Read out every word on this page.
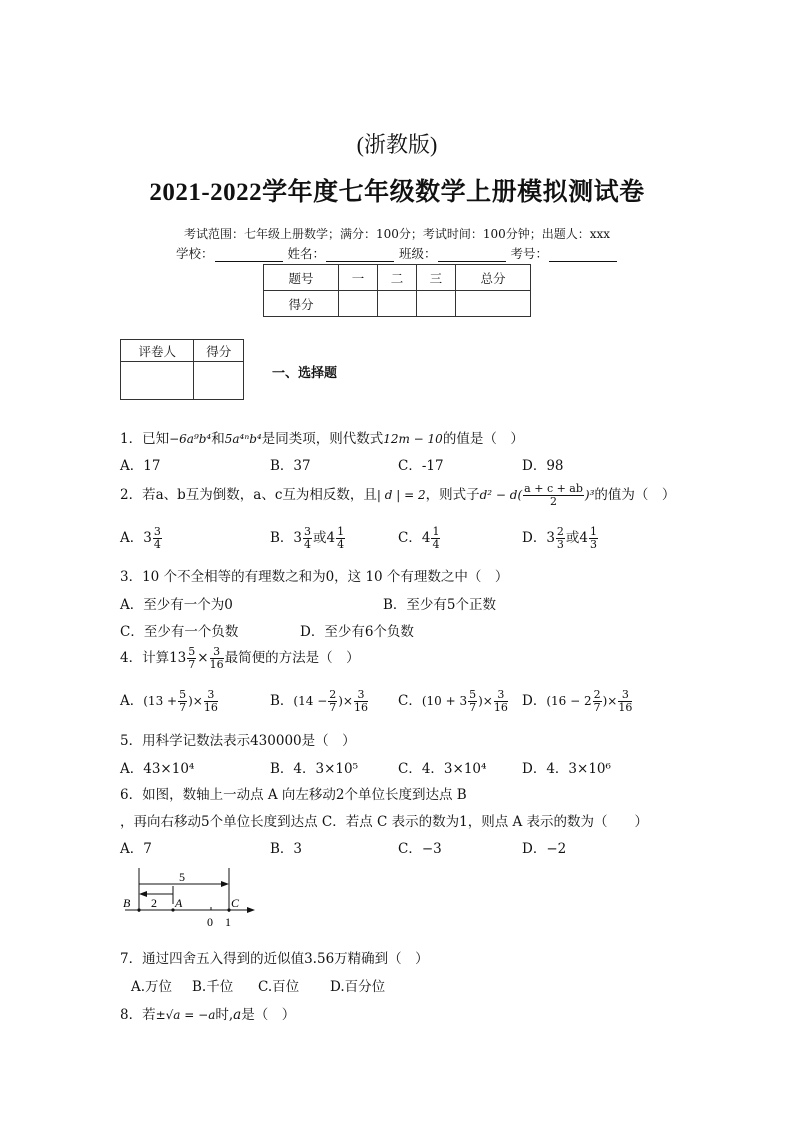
(浙教版)
2021-2022学年度七年级数学上册模拟测试卷
考试范围：七年级上册数学；满分：100分；考试时间：100分钟；出题人：xxx
学校：	姓名：	班级：	考号：
题号	一	二	三	总分
得分				
评卷人	得分

一、选择题
1．已知−6a⁹b⁴和5a⁴ⁿb⁴是同类项，则代数式12m − 10的值是（　）
A．17	B．37	C．-17	D．98
2．若a、b互为倒数，a、c互为相反数，且| d | = 2，则式子$d^2 - d( \frac{a + c + ab}{2} )^3$的值为（　）
A．$3 \frac{3}{4}$	B．$3 \frac{3}{4}$ 或$4 \frac{1}{4}$	C．$4 \frac{1}{4}$	D．$3 \frac{2}{3}$ 或$4 \frac{1}{3}$
3．10 个不全相等的有理数之和为0，这 10 个有理数之中（　）
A．至少有一个为0	B．至少有5个正数
C．至少有一个负数	D．至少有6个负数
4．计算$13 \frac{5}{7} \times \frac{3}{16}$ 最简便的方法是（　）
A．($13 + \frac{5}{7}$ )× $\frac{3}{16}$	B．($14 - \frac{2}{7}$ )× $\frac{3}{16}$ C．($10 + 3 \frac{5}{7}$ )× $\frac{3}{16}$ D．($16 - 2 \frac{2}{7}$ )× $\frac{3}{16}$
5．用科学记数法表示430000是（　）
A．43×10⁴	B．4．3×10⁵	C．4．3×10⁴	D．4．3×10⁶
6．如图，数轴上一动点 A 向左移动2个单位长度到达点 B
，再向右移动5个单位长度到达点 C．若点 C 表示的数为1，则点 A 表示的数为（　　）
A．7	B．3	C．−3	D．−2
5
2
B	A	C
0 1
7．通过四舍五入得到的近似值3.56万精确到（　）
A.万位 B.千位 C.百位 D.百分位
8．若±√a = −a时,a是（　）
